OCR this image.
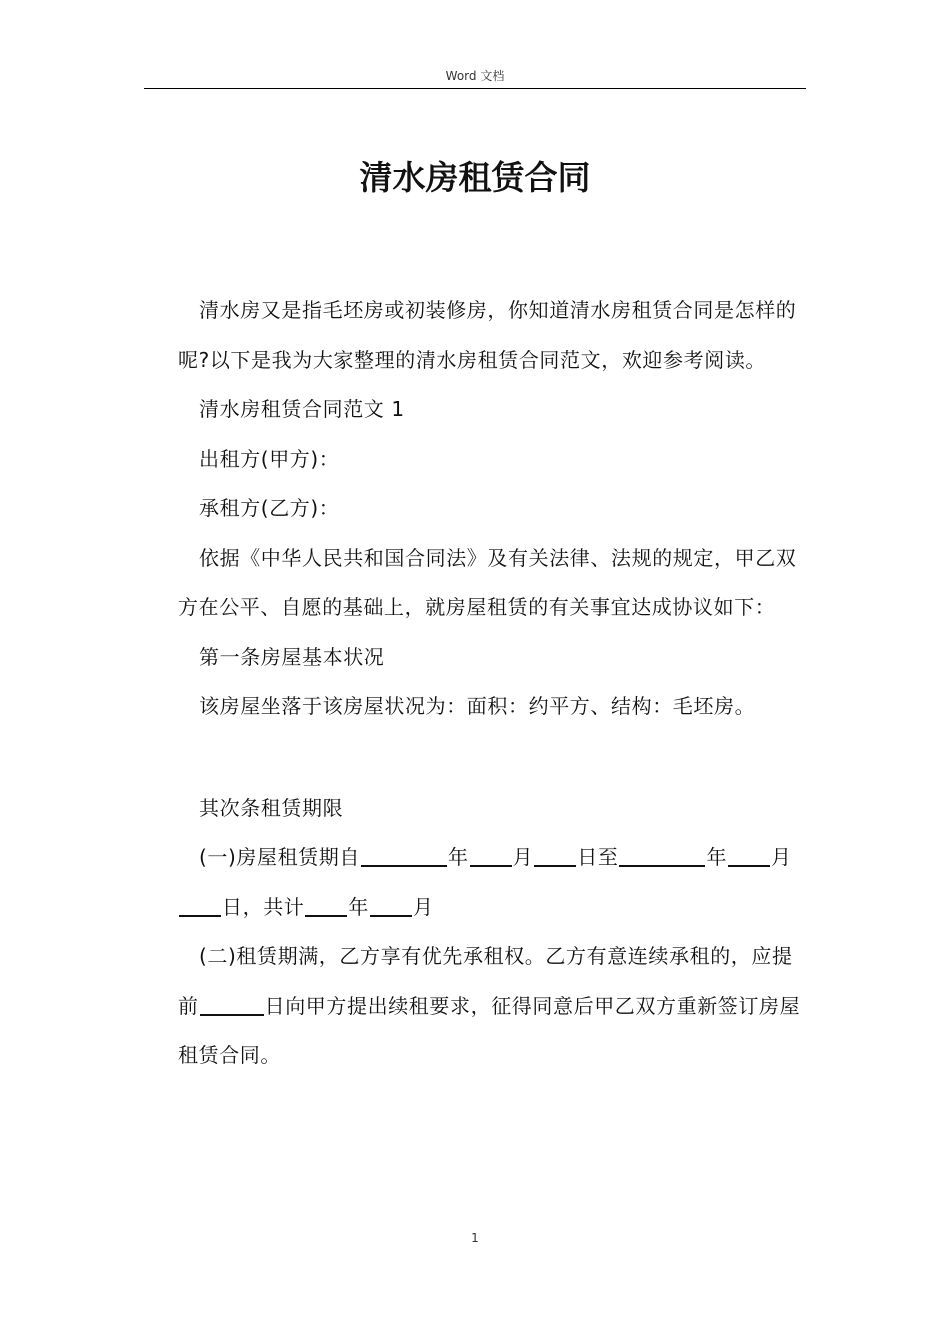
Word 文档
清水房租赁合同

清水房又是指毛坯房或初装修房，你知道清水房租赁合同是怎样的呢?以下是我为大家整理的清水房租赁合同范文，欢迎参考阅读。

清水房租赁合同范文 1

出租方(甲方)：

承租方(乙方)：

依据《中华人民共和国合同法》及有关法律、法规的规定，甲乙双方在公平、自愿的基础上，就房屋租赁的有关事宜达成协议如下：

第一条房屋基本状况

该房屋坐落于该房屋状况为：面积：约平方、结构：毛坯房。

其次条租赁期限

(一)房屋租赁期自	年 月 日至	年 月日，共计 年 月

(二)租赁期满，乙方享有优先承租权。乙方有意连续承租的，应提前	日向甲方提出续租要求，征得同意后甲乙双方重新签订房屋租赁合同。

1
